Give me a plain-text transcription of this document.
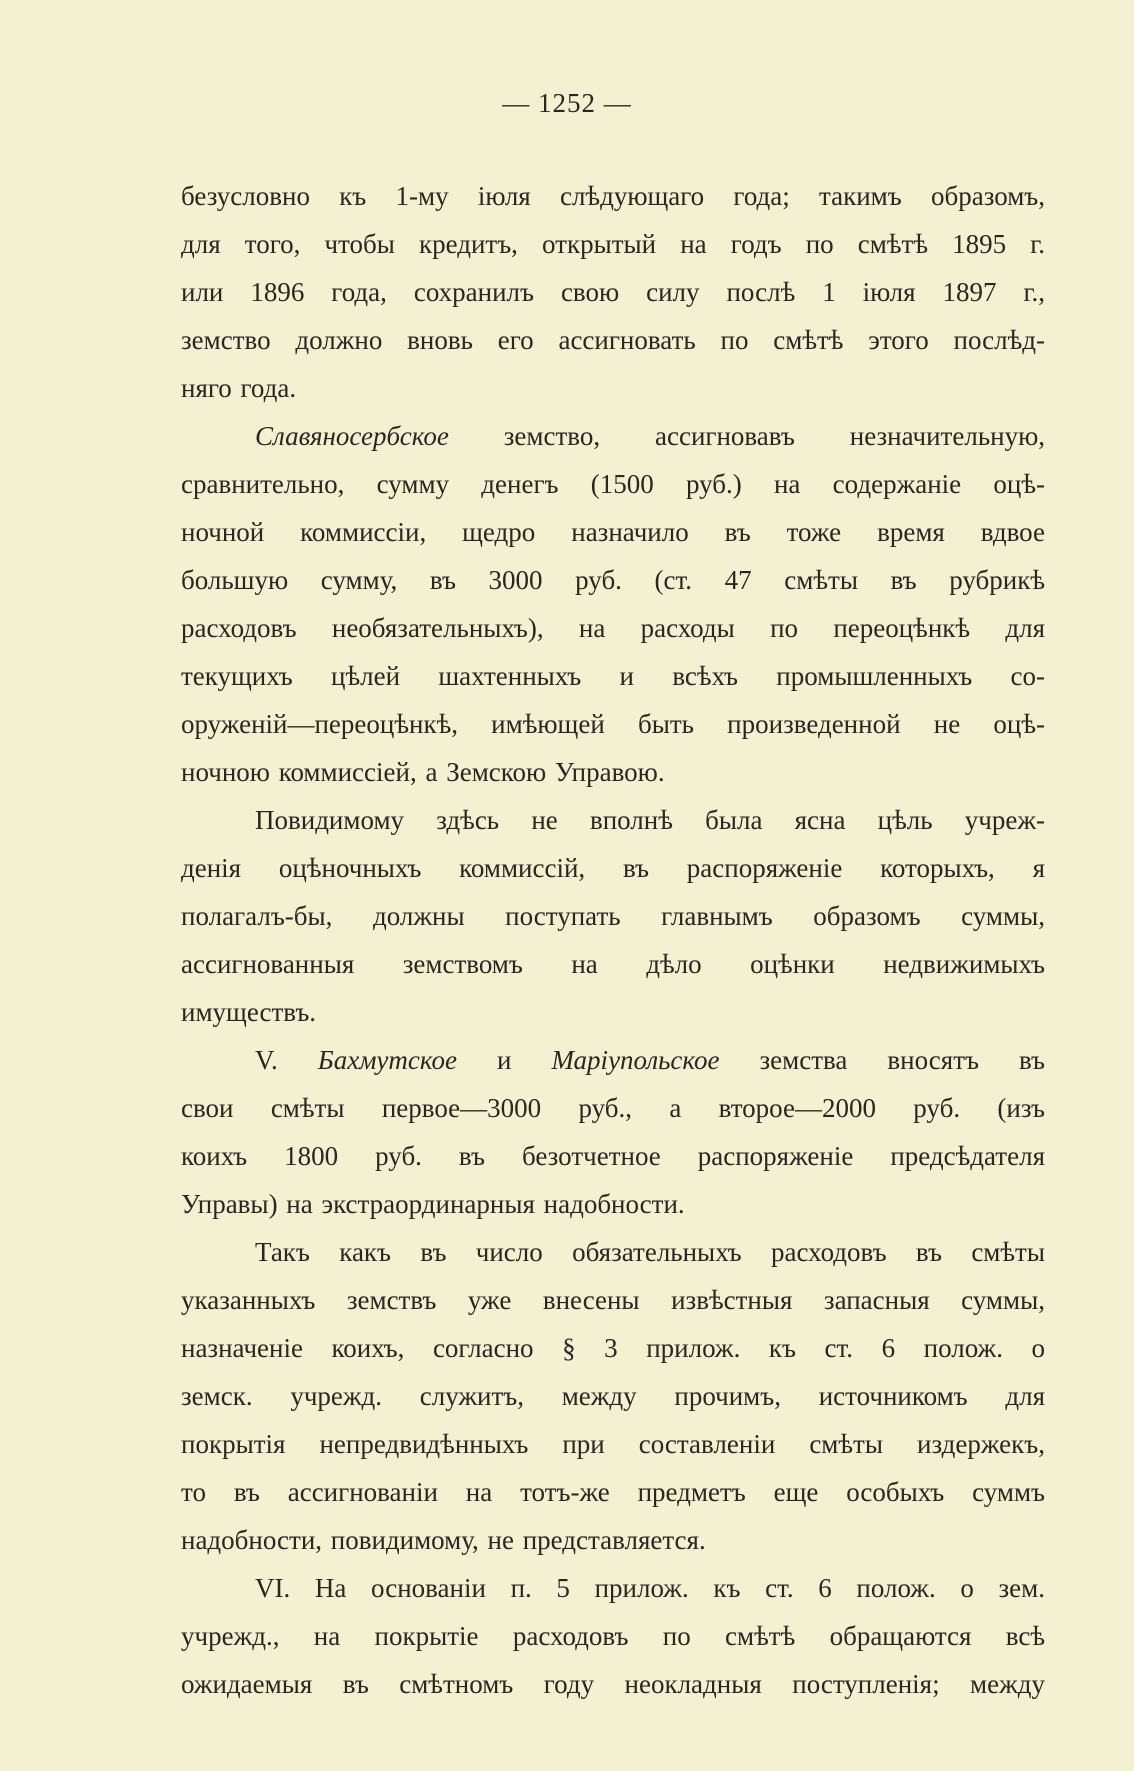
— 1252 —
безусловно къ 1-му іюля слѣдующаго года; такимъ образомъ,
для того, чтобы кредитъ, открытый на годъ по смѣтѣ 1895 г.
или 1896 года, сохранилъ свою силу послѣ 1 іюля 1897 г.,
земство должно вновь его ассигновать по смѣтѣ этого послѣд-
няго года.
Славяносербское земство, ассигновавъ незначительную,
сравнительно, сумму денегъ (1500 руб.) на содержаніе оцѣ-
ночной коммиссіи, щедро назначило въ тоже время вдвое
большую сумму, въ 3000 руб. (ст. 47 смѣты въ рубрикѣ
расходовъ необязательныхъ), на расходы по переоцѣнкѣ для
текущихъ цѣлей шахтенныхъ и всѣхъ промышленныхъ со-
оруженій—переоцѣнкѣ, имѣющей быть произведенной не оцѣ-
ночною коммиссіей, а Земскою Управою.
Повидимому здѣсь не вполнѣ была ясна цѣль учреж-
денія оцѣночныхъ коммиссій, въ распоряженіе которыхъ, я
полагалъ-бы, должны поступать главнымъ образомъ суммы,
ассигнованныя земствомъ на дѣло оцѣнки недвижимыхъ
имуществъ.
V. Бахмутское и Маріупольское земства вносятъ въ
свои смѣты первое—3000 руб., а второе—2000 руб. (изъ
коихъ 1800 руб. въ безотчетное распоряженіе предсѣдателя
Управы) на экстраординарныя надобности.
Такъ какъ въ число обязательныхъ расходовъ въ смѣты
указанныхъ земствъ уже внесены извѣстныя запасныя суммы,
назначеніе коихъ, согласно § 3 прилож. къ ст. 6 полож. о
земск. учрежд. служитъ, между прочимъ, источникомъ для
покрытія непредвидѣнныхъ при составленіи смѣты издержекъ,
то въ ассигнованіи на тотъ-же предметъ еще особыхъ суммъ
надобности, повидимому, не представляется.
VI. На основаніи п. 5 прилож. къ ст. 6 полож. о зем.
учрежд., на покрытіе расходовъ по смѣтѣ обращаются всѣ
ожидаемыя въ смѣтномъ году неокладныя поступленія; между
